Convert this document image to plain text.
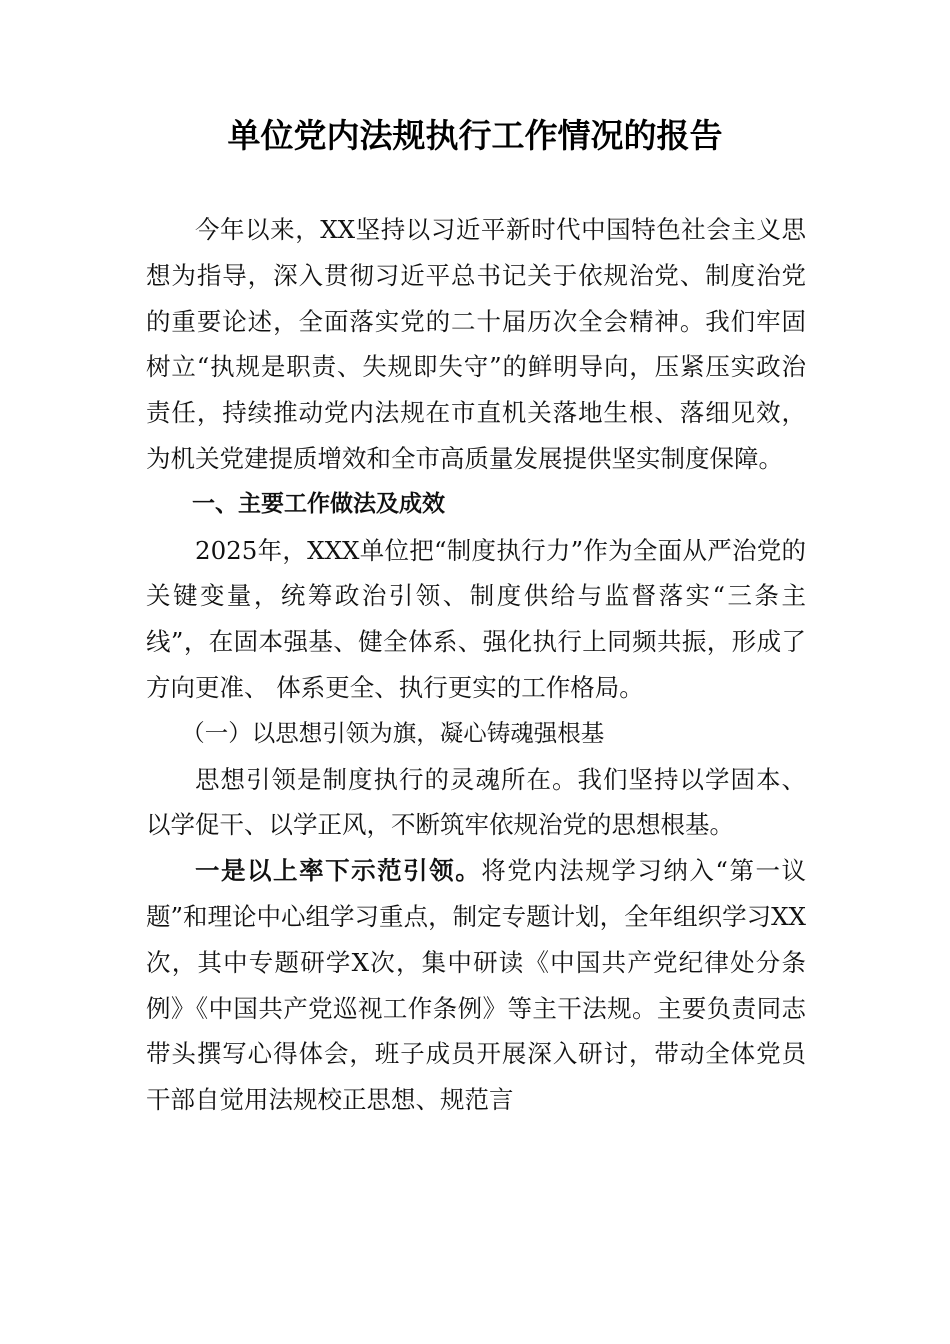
单位党内法规执行工作情况的报告

今年以来，XX坚持以习近平新时代中国特色社会主义思想为指导，深入贯彻习近平总书记关于依规治党、制度治党的重要论述，全面落实党的二十届历次全会精神。我们牢固树立“执规是职责、失规即失守”的鲜明导向，压紧压实政治责任，持续推动党内法规在市直机关落地生根、落细见效，为机关党建提质增效和全市高质量发展提供坚实制度保障。

一、主要工作做法及成效

2025年，XXX单位把“制度执行力”作为全面从严治党的关键变量，统筹政治引领、制度供给与监督落实“三条主线”，在固本强基、健全体系、强化执行上同频共振，形成了方向更准、 体系更全、执行更实的工作格局。

（一）以思想引领为旗，凝心铸魂强根基

思想引领是制度执行的灵魂所在。我们坚持以学固本、以学促干、以学正风，不断筑牢依规治党的思想根基。

一是以上率下示范引领。将党内法规学习纳入“第一议题”和理论中心组学习重点，制定专题计划，全年组织学习XX次，其中专题研学X次，集中研读《中国共产党纪律处分条例》《中国共产党巡视工作条例》等主干法规。主要负责同志带头撰写心得体会，班子成员开展深入研讨，带动全体党员干部自觉用法规校正思想、规范言
